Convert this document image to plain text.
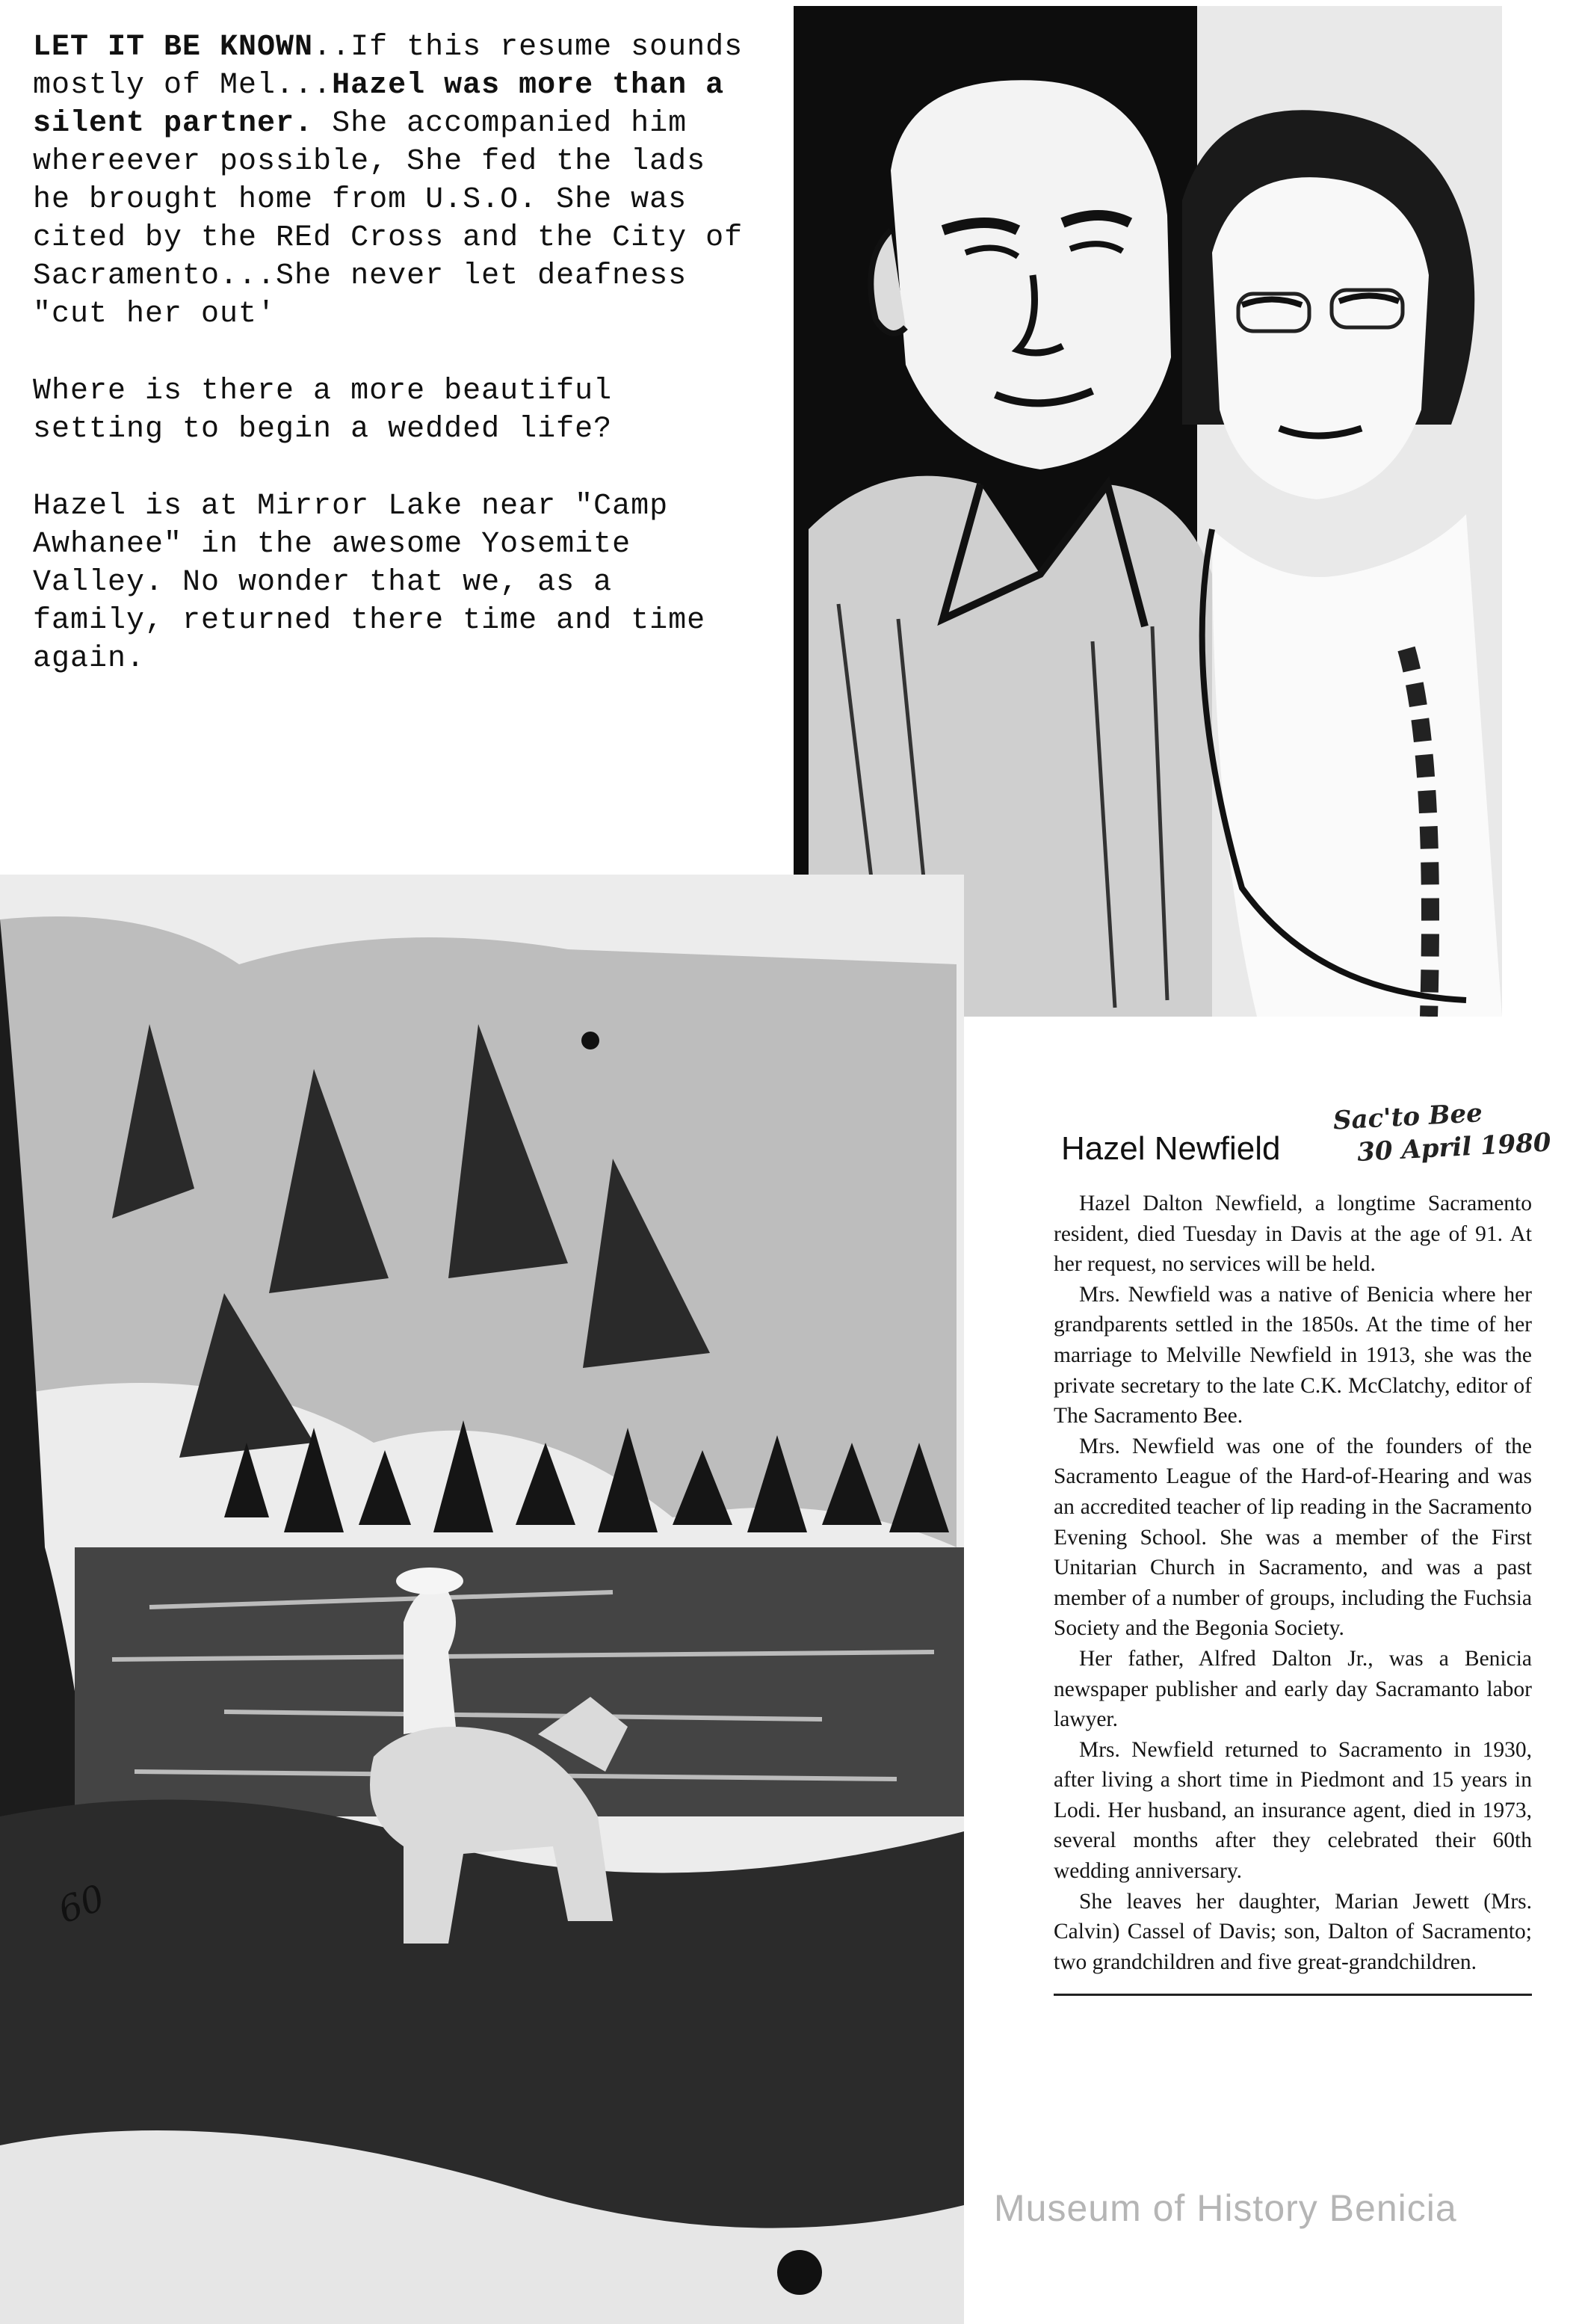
LET IT BE KNOWN..If this resume sounds mostly of Mel...Hazel was more than a silent partner. She accompanied him whereever possible, She fed the lads he brought home from U.S.O. She was cited by the REd Cross and the City of Sacramento...She never let deafness "cut her out'

Where is there a more beautiful setting to begin a wedded life?

Hazel is at Mirror Lake near "Camp Awhanee" in the awesome Yosemite Valley. No wonder that we, as a family, returned there time and time again.

60
Sac'to Bee
30 April 1980
Hazel Newfield

Hazel Dalton Newfield, a longtime Sacramento resident, died Tuesday in Davis at the age of 91. At her request, no services will be held.

Mrs. Newfield was a native of Benicia where her grandparents settled in the 1850s. At the time of her marriage to Melville Newfield in 1913, she was the private secretary to the late C.K. McClatchy, editor of The Sacramento Bee.

Mrs. Newfield was one of the founders of the Sacramento League of the Hard-of-Hearing and was an accredited teacher of lip reading in the Sacramento Evening School. She was a member of the First Unitarian Church in Sacramento, and was a past member of a number of groups, including the Fuchsia Society and the Begonia Society.

Her father, Alfred Dalton Jr., was a Benicia newspaper publisher and early day Sacramanto labor lawyer.

Mrs. Newfield returned to Sacramento in 1930, after living a short time in Piedmont and 15 years in Lodi. Her husband, an insurance agent, died in 1973, several months after they celebrated their 60th wedding anniversary.

She leaves her daughter, Marian Jewett (Mrs. Calvin) Cassel of Davis; son, Dalton of Sacramento; two grandchildren and five great-grandchildren.

Museum of History Benicia
